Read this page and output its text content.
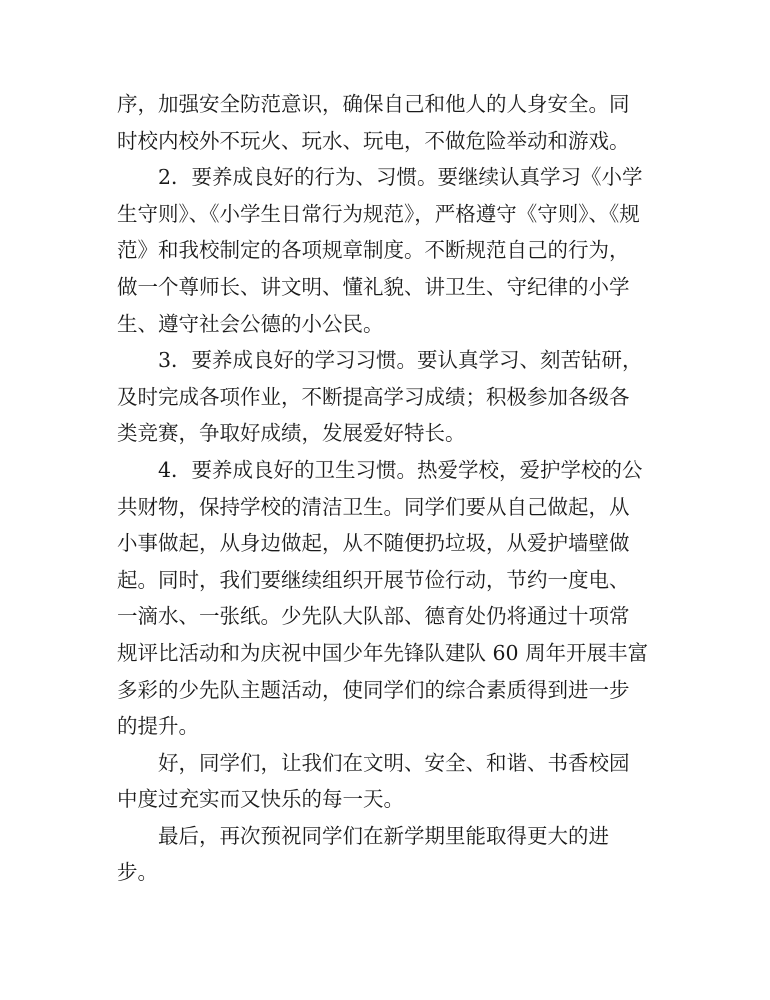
序，加强安全防范意识，确保自己和他人的人身安全。同
时校内校外不玩火、玩水、玩电，不做危险举动和游戏。

2．要养成良好的行为、习惯。要继续认真学习《小学
生守则》、《小学生日常行为规范》，严格遵守《守则》、《规
范》和我校制定的各项规章制度。不断规范自己的行为，
做一个尊师长、讲文明、懂礼貌、讲卫生、守纪律的小学
生、遵守社会公德的小公民。

3．要养成良好的学习习惯。要认真学习、刻苦钻研，
及时完成各项作业，不断提高学习成绩；积极参加各级各
类竞赛，争取好成绩，发展爱好特长。

4．要养成良好的卫生习惯。热爱学校，爱护学校的公
共财物，保持学校的清洁卫生。同学们要从自己做起，从
小事做起，从身边做起，从不随便扔垃圾，从爱护墙壁做
起。同时，我们要继续组织开展节俭行动，节约一度电、
一滴水、一张纸。少先队大队部、德育处仍将通过十项常
规评比活动和为庆祝中国少年先锋队建队 60 周年开展丰富
多彩的少先队主题活动，使同学们的综合素质得到进一步
的提升。

好，同学们，让我们在文明、安全、和谐、书香校园
中度过充实而又快乐的每一天。

最后，再次预祝同学们在新学期里能取得更大的进
步。
